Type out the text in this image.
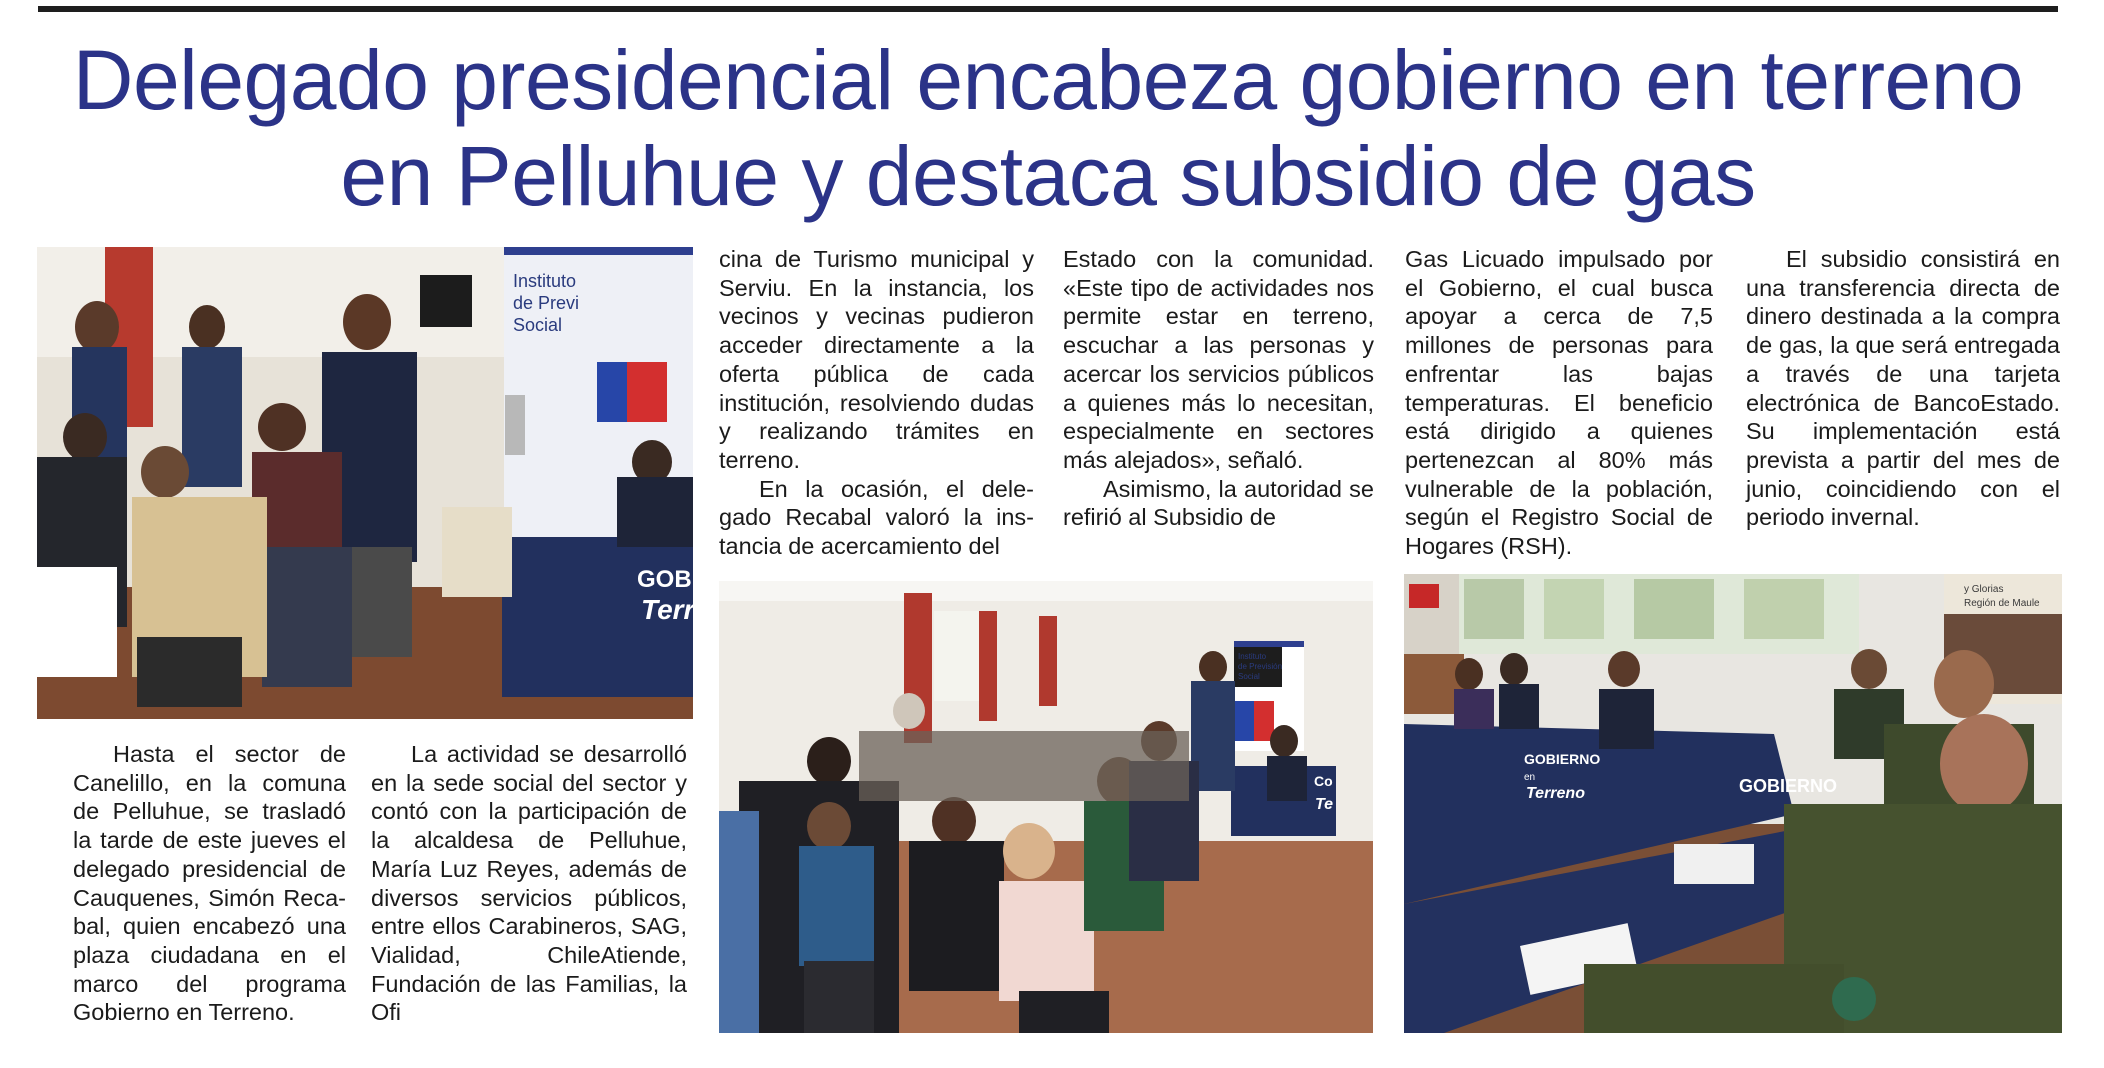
Delegado presidencial encabeza gobierno en terreno en Pelluhue y destaca subsidio de gas
Instituto
de Previ
Social
GOBIE
Terr
Instituto
de Previsión
Social
Co
Te
y Glorias
Región de Maule
GOBIERNO
en
Terreno	GOBIERNO

Hasta el sector de Canelillo, en la comuna de Pelluhue, se trasladó la tarde de este jueves el delegado presidencial de Cauquenes, Simón Recabal, quien encabezó una plaza ciudadana en el marco del programa Gobierno en Terreno.

La actividad se desarrolló en la sede social del sector y contó con la participación de la alcaldesa de Pelluhue, María Luz Reyes, además de diversos servicios públicos, entre ellos Carabineros, SAG, Vialidad, ChileAtiende, Fundación de las Familias, la Ofi

cina de Turismo municipal y Serviu. En la instancia, los vecinos y vecinas pudieron acceder directamente a la oferta pública de cada institución, resolviendo dudas y realizando trámites en terreno.

En la ocasión, el delegado Recabal valoró la instancia de acercamiento del

Estado con la comunidad. «Este tipo de actividades nos permite estar en terreno, escuchar a las personas y acercar los servicios públicos a quienes más lo necesitan, especialmente en sectores más alejados», señaló.

Asimismo, la autoridad se refirió al Subsidio de

Gas Licuado impulsado por el Gobierno, el cual busca apoyar a cerca de 7,5 millones de personas para enfrentar las bajas temperaturas. El beneficio está dirigido a quienes pertenezcan al 80% más vulnerable de la población, según el Registro Social de Hogares (RSH).

El subsidio consistirá en una transferencia directa de dinero destinada a la compra de gas, la que será entregada a través de una tarjeta electrónica de BancoEstado. Su implementación está prevista a partir del mes de junio, coincidiendo con el periodo invernal.
